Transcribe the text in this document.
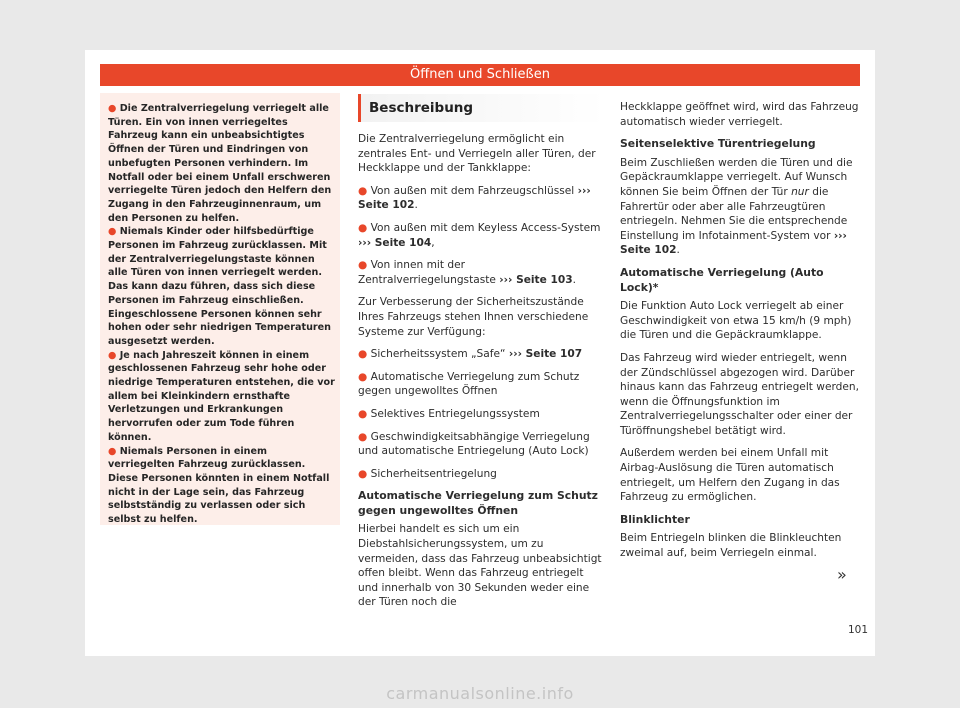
Öffnen und Schließen

● Die Zentralverriegelung verriegelt alle Türen. Ein von innen verriegeltes Fahrzeug kann ein unbeabsichtigtes Öffnen der Türen und Eindringen von unbefugten Personen verhindern. Im Notfall oder bei einem Unfall erschweren verriegelte Türen jedoch den Helfern den Zugang in den Fahrzeuginnenraum, um den Personen zu helfen.

● Niemals Kinder oder hilfsbedürftige Personen im Fahrzeug zurücklassen. Mit der Zentralverriegelungstaste können alle Türen von innen verriegelt werden. Das kann dazu führen, dass sich diese Personen im Fahrzeug einschließen. Eingeschlossene Personen können sehr hohen oder sehr niedrigen Temperaturen ausgesetzt werden.

● Je nach Jahreszeit können in einem geschlossenen Fahrzeug sehr hohe oder niedrige Temperaturen entstehen, die vor allem bei Kleinkindern ernsthafte Verletzungen und Erkrankungen hervorrufen oder zum Tode führen können.

● Niemals Personen in einem verriegelten Fahrzeug zurücklassen. Diese Personen könnten in einem Notfall nicht in der Lage sein, das Fahrzeug selbstständig zu verlassen oder sich selbst zu helfen.

Beschreibung

Die Zentralverriegelung ermöglicht ein zentrales Ent- und Verriegeln aller Türen, der Heckklappe und der Tankklappe:

● Von außen mit dem Fahrzeugschlüssel ››› Seite 102.

● Von außen mit dem Keyless Access-System ››› Seite 104,

● Von innen mit der Zentralverriegelungstaste ››› Seite 103.

Zur Verbesserung der Sicherheitszustände Ihres Fahrzeugs stehen Ihnen verschiedene Systeme zur Verfügung:

● Sicherheitssystem „Safe“ ››› Seite 107

● Automatische Verriegelung zum Schutz gegen ungewolltes Öffnen

● Selektives Entriegelungssystem

● Geschwindigkeitsabhängige Verriegelung und automatische Entriegelung (Auto Lock)

● Sicherheitsentriegelung

Automatische Verriegelung zum Schutz gegen ungewolltes Öffnen

Hierbei handelt es sich um ein Diebstahlsicherungssystem, um zu vermeiden, dass das Fahrzeug unbeabsichtigt offen bleibt. Wenn das Fahrzeug entriegelt und innerhalb von 30 Sekunden weder eine der Türen noch die

Heckklappe geöffnet wird, wird das Fahrzeug automatisch wieder verriegelt.

Seitenselektive Türentriegelung

Beim Zuschließen werden die Türen und die Gepäckraumklappe verriegelt. Auf Wunsch können Sie beim Öffnen der Tür nur die Fahrertür oder aber alle Fahrzeugtüren entriegeln. Nehmen Sie die entsprechende Einstellung im Infotainment-System vor ››› Seite 102.

Automatische Verriegelung (Auto Lock)*

Die Funktion Auto Lock verriegelt ab einer Geschwindigkeit von etwa 15 km/h (9 mph) die Türen und die Gepäckraumklappe.

Das Fahrzeug wird wieder entriegelt, wenn der Zündschlüssel abgezogen wird. Darüber hinaus kann das Fahrzeug entriegelt werden, wenn die Öffnungsfunktion im Zentralverriegelungsschalter oder einer der Türöffnungshebel betätigt wird.

Außerdem werden bei einem Unfall mit Airbag-Auslösung die Türen automatisch entriegelt, um Helfern den Zugang in das Fahrzeug zu ermöglichen.

Blinklichter

Beim Entriegeln blinken die Blinkleuchten zweimal auf, beim Verriegeln einmal.

»
101
carmanualsonline.info
